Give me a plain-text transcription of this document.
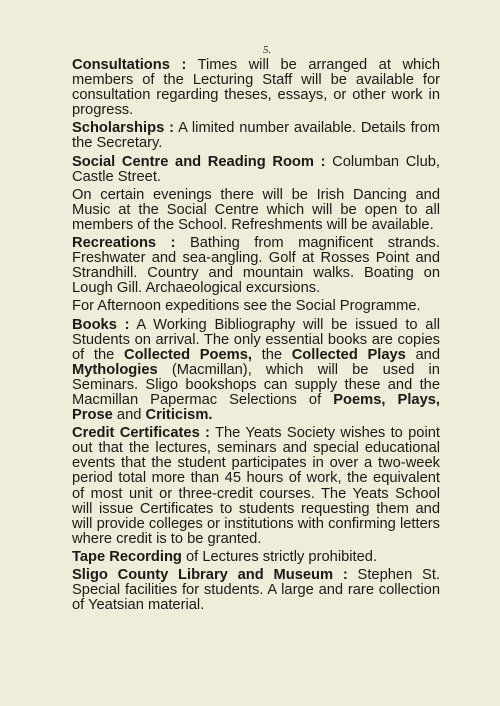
5.

Consultations : Times will be arranged at which members of the Lecturing Staff will be available for consultation regarding theses, essays, or other work in progress.

Scholarships : A limited number available. Details from the Secretary.

Social Centre and Reading Room : Columban Club, Castle Street.

On certain evenings there will be Irish Dancing and Music at the Social Centre which will be open to all members of the School. Refreshments will be available.

Recreations : Bathing from magnificent strands. Freshwater and sea-angling. Golf at Rosses Point and Strandhill. Country and mountain walks. Boating on Lough Gill. Archaeological excursions.

For Afternoon expeditions see the Social Programme.

Books : A Working Bibliography will be issued to all Students on arrival. The only essential books are copies of the Collected Poems, the Collected Plays and Mythologies (Macmillan), which will be used in Seminars. Sligo bookshops can supply these and the Macmillan Papermac Selections of Poems, Plays, Prose and Criticism.

Credit Certificates : The Yeats Society wishes to point out that the lectures, seminars and special educational events that the student participates in over a two-week period total more than 45 hours of work, the equivalent of most unit or three-credit courses. The Yeats School will issue Certificates to students requesting them and will provide colleges or institutions with confirming letters where credit is to be granted.

Tape Recording of Lectures strictly prohibited.

Sligo County Library and Museum : Stephen St. Special facilities for students. A large and rare collection of Yeatsian material.
